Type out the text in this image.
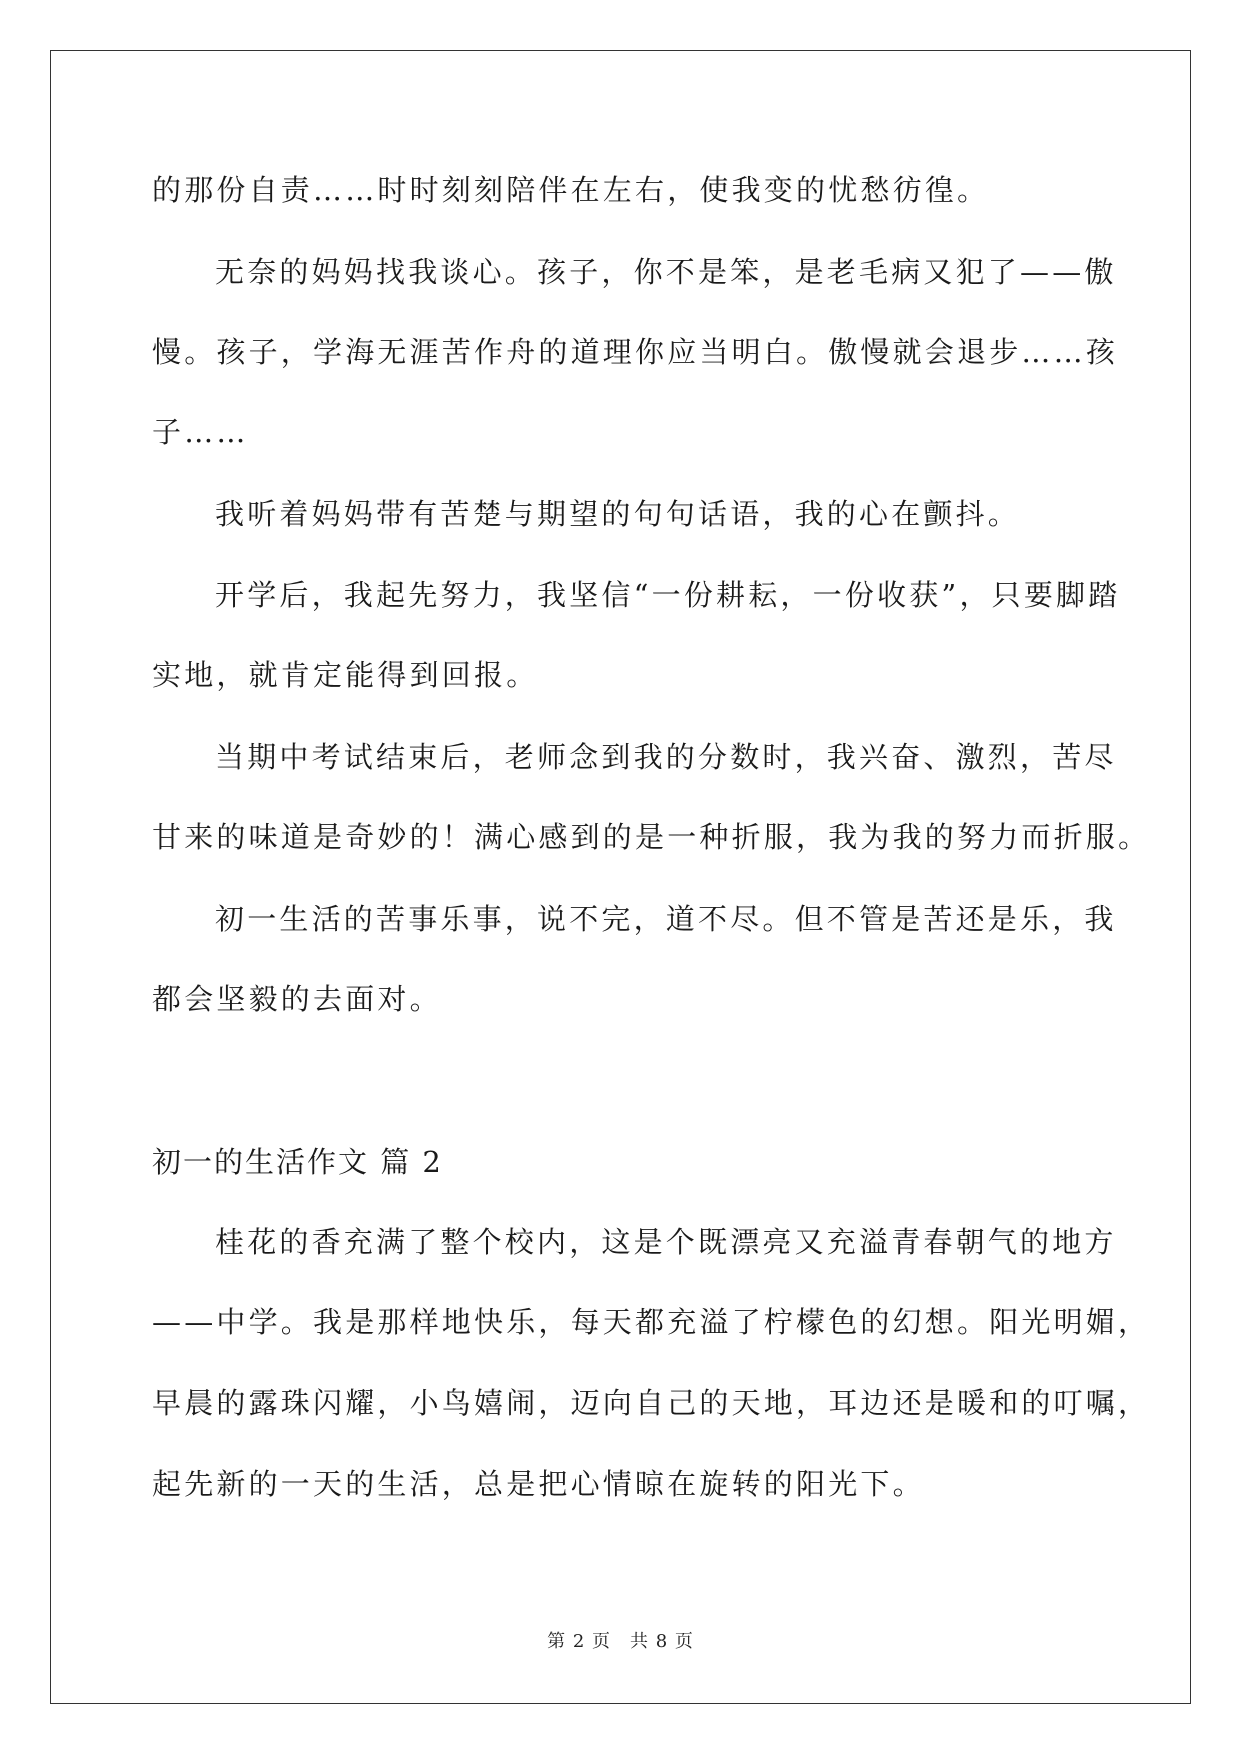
的那份自责……时时刻刻陪伴在左右，使我变的忧愁彷徨。
无奈的妈妈找我谈心。孩子，你不是笨，是老毛病又犯了——傲
慢。孩子，学海无涯苦作舟的道理你应当明白。傲慢就会退步……孩
子……
我听着妈妈带有苦楚与期望的句句话语，我的心在颤抖。
开学后，我起先努力，我坚信“一份耕耘，一份收获”，只要脚踏
实地，就肯定能得到回报。
当期中考试结束后，老师念到我的分数时，我兴奋、激烈，苦尽
甘来的味道是奇妙的！满心感到的是一种折服，我为我的努力而折服。
初一生活的苦事乐事，说不完，道不尽。但不管是苦还是乐，我
都会坚毅的去面对。
初一的生活作文 篇 2
桂花的香充满了整个校内，这是个既漂亮又充溢青春朝气的地方
——中学。我是那样地快乐，每天都充溢了柠檬色的幻想。阳光明媚，
早晨的露珠闪耀，小鸟嬉闹，迈向自己的天地，耳边还是暖和的叮嘱，
起先新的一天的生活，总是把心情晾在旋转的阳光下。
第 2 页　共 8 页
